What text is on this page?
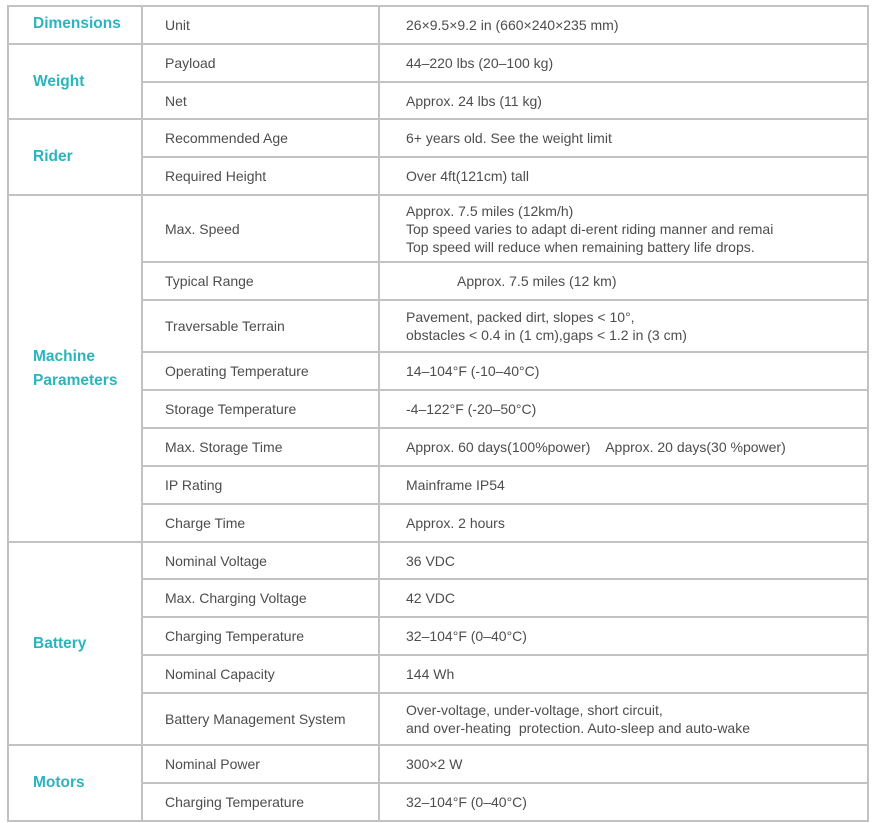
Dimensions	Unit	26×9.5×9.2 in (660×240×235 mm)

Weight	Payload	44–220 lbs (20–100 kg)

	Net	Approx. 24 lbs (11 kg)

Rider	Recommended Age	6+ years old. See the weight limit

	Required Height	Over 4ft(121cm) tall

Machine
Parameters	Max. Speed	Approx. 7.5 miles (12km/h)
Top speed varies to adapt di-erent riding manner and remai
Top speed will reduce when remaining battery life drops.

	Typical Range	Approx. 7.5 miles (12 km)

	Traversable Terrain	Pavement, packed dirt, slopes < 10°,
obstacles < 0.4 in (1 cm),gaps < 1.2 in (3 cm)

	Operating Temperature	14–104°F (-10–40°C)

	Storage Temperature	-4–122°F (-20–50°C)

	Max. Storage Time	Approx. 60 days(100%power)    Approx. 20 days(30 %power)

	IP Rating	Mainframe IP54

	Charge Time	Approx. 2 hours

Battery	Nominal Voltage	36 VDC

	Max. Charging Voltage	42 VDC

	Charging Temperature	32–104°F (0–40°C)

	Nominal Capacity	144 Wh

	Battery Management System	Over-voltage, under-voltage, short circuit,
and over-heating  protection. Auto-sleep and auto-wake

Motors	Nominal Power	300×2 W

	Charging Temperature	32–104°F (0–40°C)
